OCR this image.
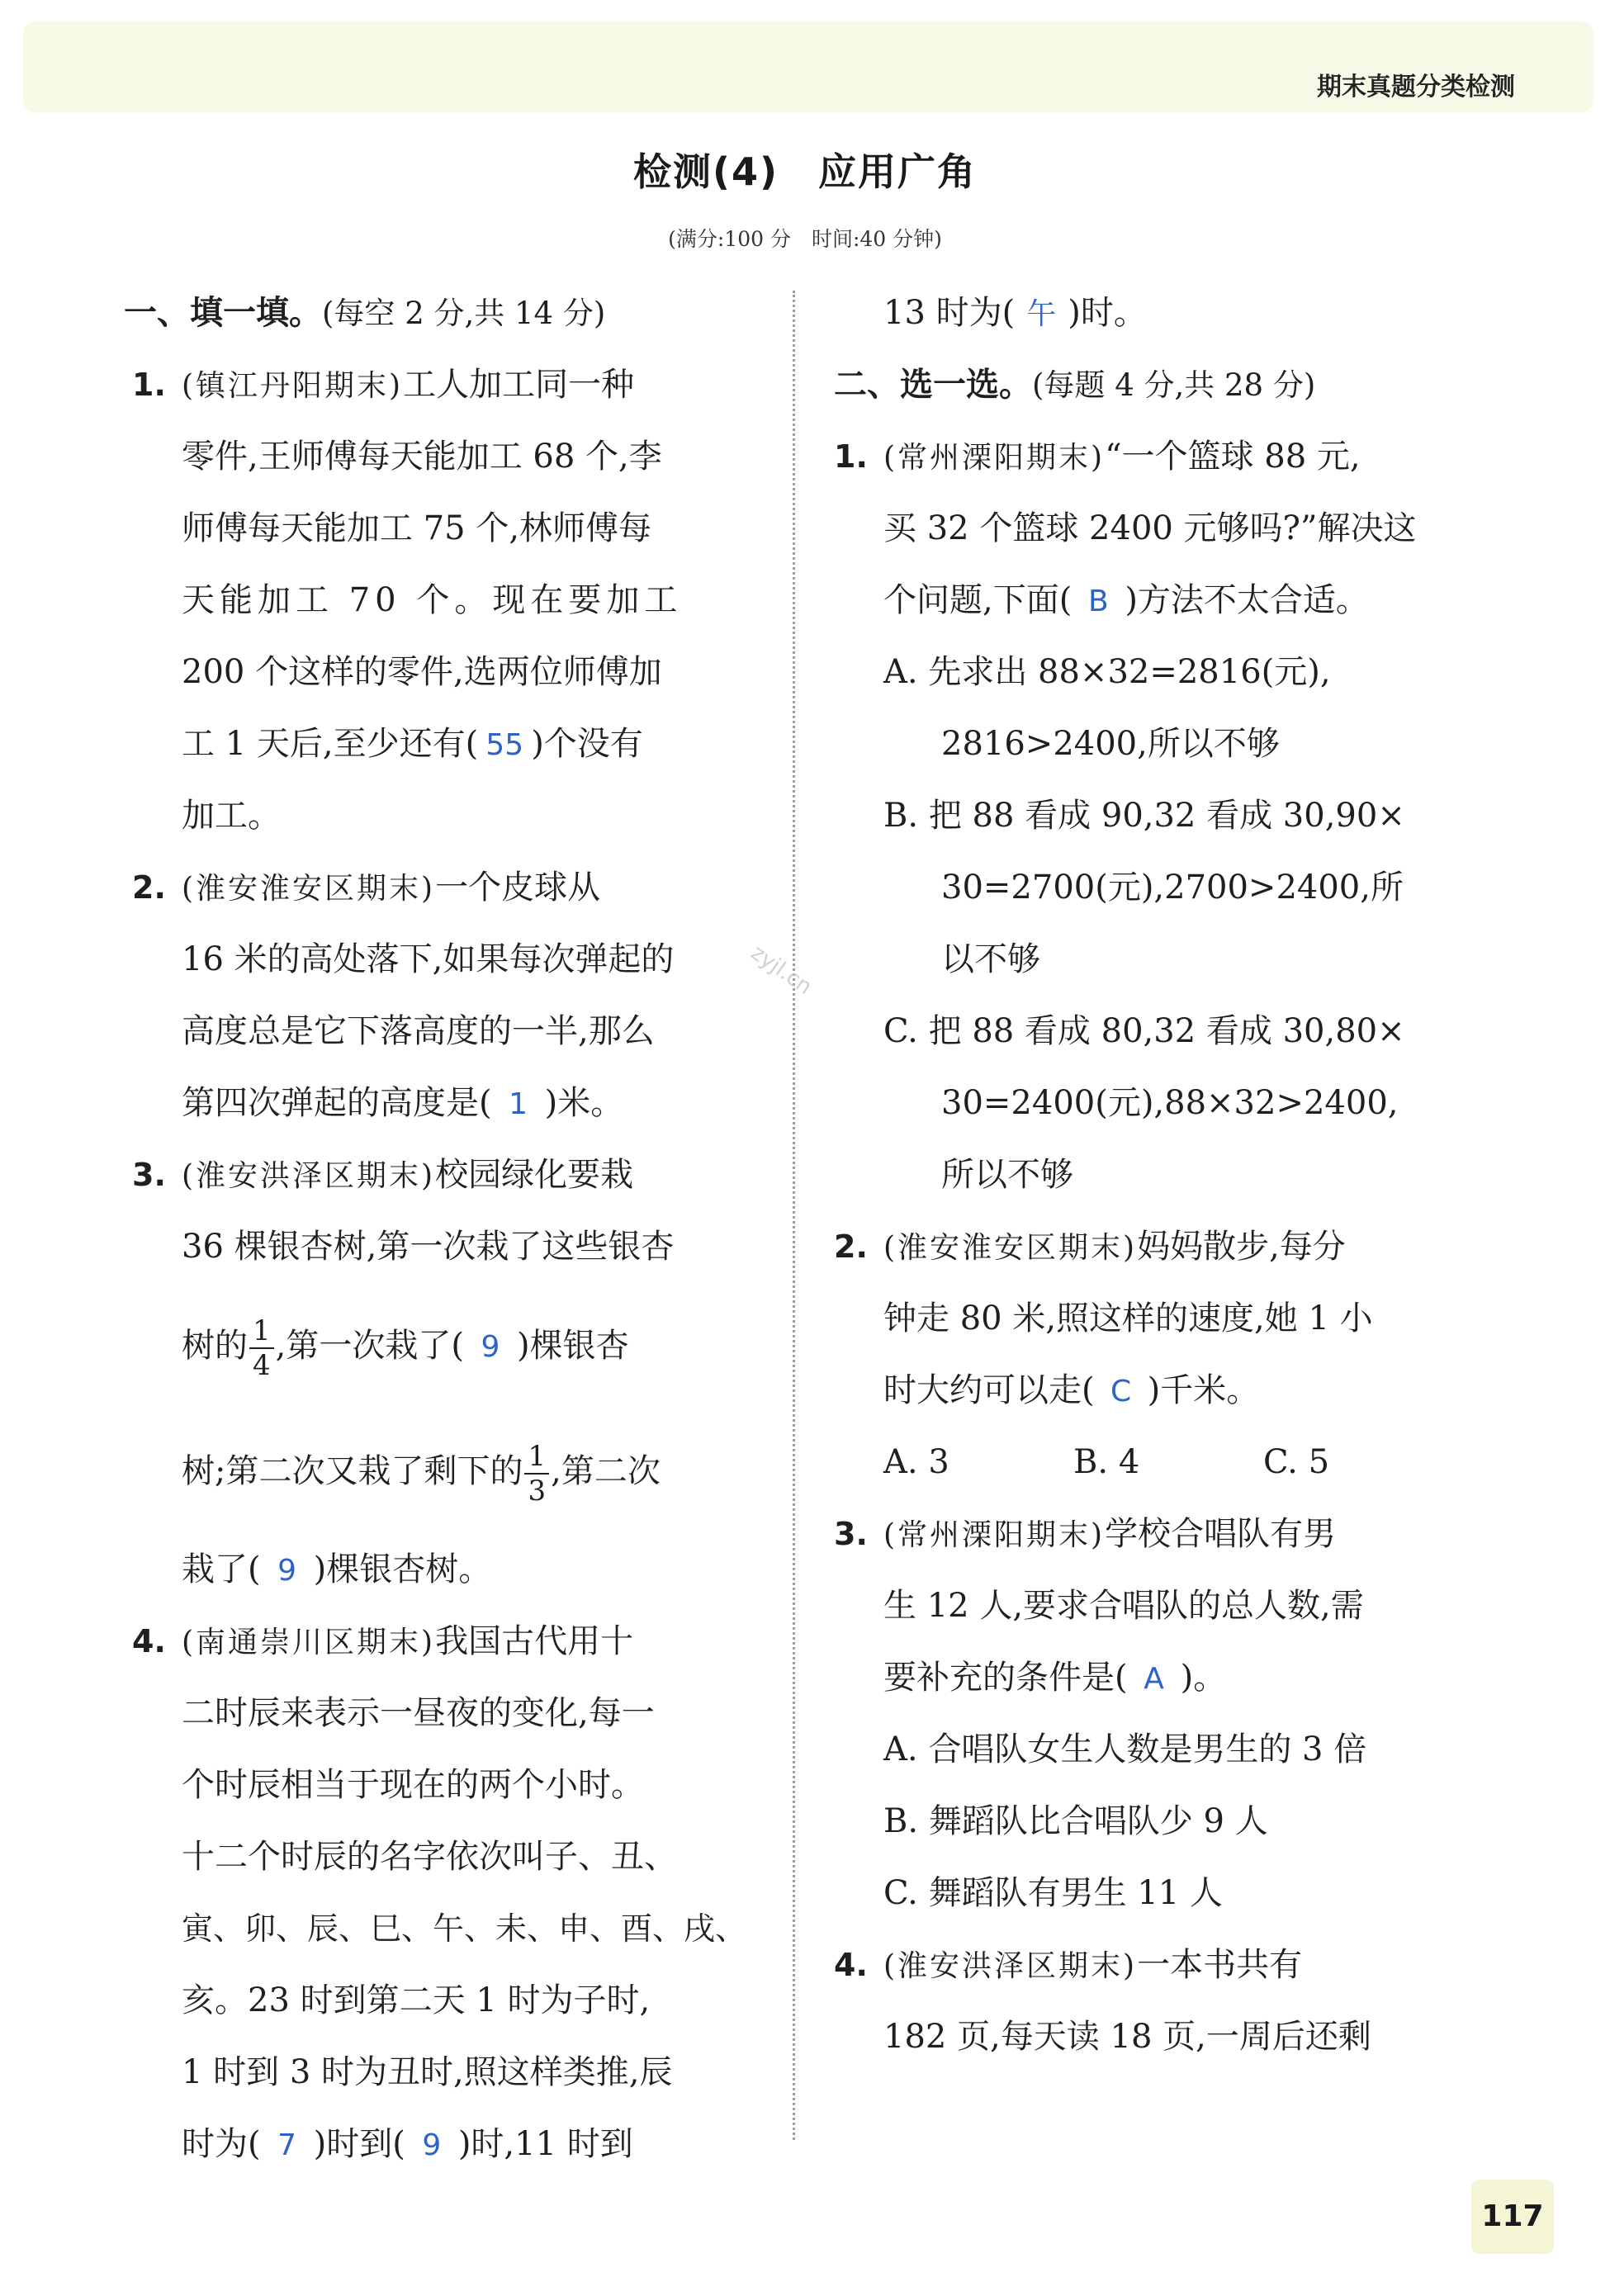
期末真题分类检测
检测(4)　应用广角
(满分:100 分　时间:40 分钟)
zyjl.cn
一、填一填。(每空 2 分,共 14 分)
1. (镇江丹阳期末)工人加工同一种
零件,王师傅每天能加工 68 个,李
师傅每天能加工 75 个,林师傅每
天能加工 70 个。现在要加工
200 个这样的零件,选两位师傅加
工 1 天后,至少还有( 55 )个没有
加工。
2. (淮安淮安区期末)一个皮球从
16 米的高处落下,如果每次弹起的
高度总是它下落高度的一半,那么
第四次弹起的高度是( 1 )米。
3. (淮安洪泽区期末)校园绿化要栽
36 棵银杏树,第一次栽了这些银杏
树的 $\frac{1}{4}$ ,第一次栽了( 9 )棵银杏
树;第二次又栽了剩下的 $\frac{1}{3}$ ,第二次
栽了( 9 )棵银杏树。
4. (南通崇川区期末)我国古代用十
二时辰来表示一昼夜的变化,每一
个时辰相当于现在的两个小时。
十二个时辰的名字依次叫子、丑、
寅、卯、辰、巳、午、未、申、酉、戌、
亥。23 时到第二天 1 时为子时,
1 时到 3 时为丑时,照这样类推,辰
时为( 7 )时到( 9 )时,11 时到
13 时为( 午 )时。
二、选一选。(每题 4 分,共 28 分)
1. (常州溧阳期末)“一个篮球 88 元,
买 32 个篮球 2400 元够吗?”解决这
个问题,下面( B )方法不太合适。
A. 先求出 88×32=2816(元),
2816>2400,所以不够
B. 把 88 看成 90,32 看成 30,90×
30=2700(元),2700>2400,所
以不够
C. 把 88 看成 80,32 看成 30,80×
30=2400(元),88×32>2400,
所以不够
2. (淮安淮安区期末)妈妈散步,每分
钟走 80 米,照这样的速度,她 1 小
时大约可以走( C )千米。
A. 3	B. 4	C. 5
3. (常州溧阳期末)学校合唱队有男
生 12 人,要求合唱队的总人数,需
要补充的条件是( A )。
A. 合唱队女生人数是男生的 3 倍
B. 舞蹈队比合唱队少 9 人
C. 舞蹈队有男生 11 人
4. (淮安洪泽区期末)一本书共有
182 页,每天读 18 页,一周后还剩
117
